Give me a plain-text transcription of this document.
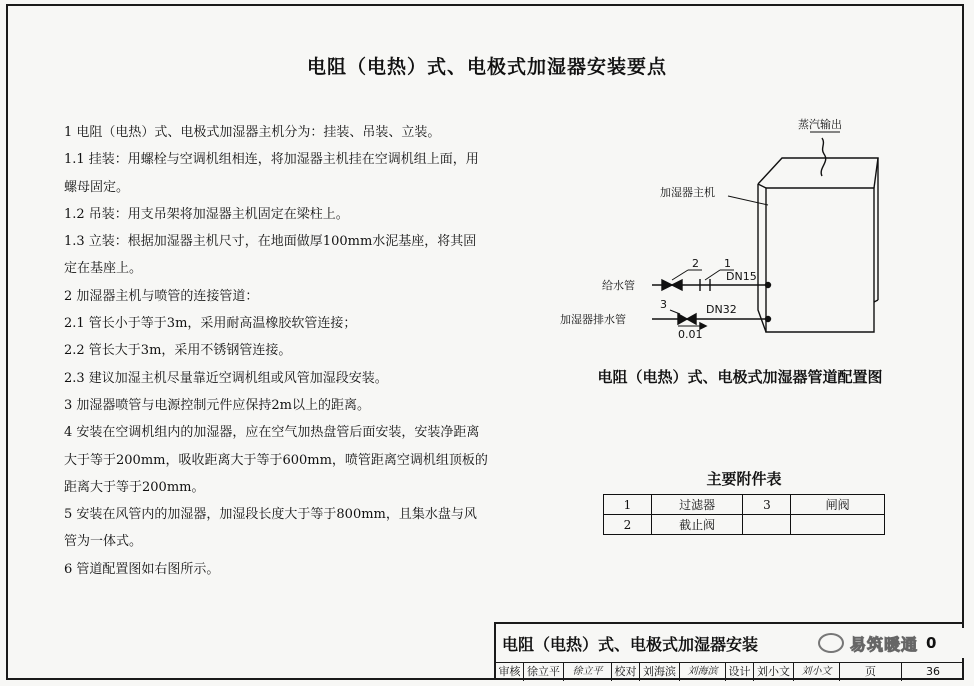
电阻（电热）式、电极式加湿器安装要点

1 电阻（电热）式、电极式加湿器主机分为：挂装、吊装、立装。

1.1 挂装：用螺栓与空调机组相连，将加湿器主机挂在空调机组上面，用螺母固定。

1.2 吊装：用支吊架将加湿器主机固定在梁柱上。

1.3 立装：根据加湿器主机尺寸，在地面做厚100mm水泥基座，将其固定在基座上。

2 加湿器主机与喷管的连接管道：

2.1 管长小于等于3m，采用耐高温橡胶软管连接；

2.2 管长大于3m，采用不锈钢管连接。

2.3 建议加湿主机尽量靠近空调机组或风管加湿段安装。

3 加湿器喷管与电源控制元件应保持2m以上的距离。

4 安装在空调机组内的加湿器，应在空气加热盘管后面安装，安装净距离大于等于200mm，吸收距离大于等于600mm，喷管距离空调机组顶板的距离大于等于200mm。

5 安装在风管内的加湿器，加湿段长度大于等于800mm，且集水盘与风管为一体式。

6 管道配置图如右图所示。

蒸汽输出
加湿器主机
给水管
加湿器排水管
2 1
3
DN15
DN32
0.01
电阻（电热）式、电极式加湿器管道配置图
主要附件表
1	过滤器	3	闸阀
2	截止阀		
电阻（电热）式、电极式加湿器安装	易筑暖通 0
审核 徐立平	徐立平	校对 刘海滨	刘海滨	设计 刘小文	刘小文	页	36
